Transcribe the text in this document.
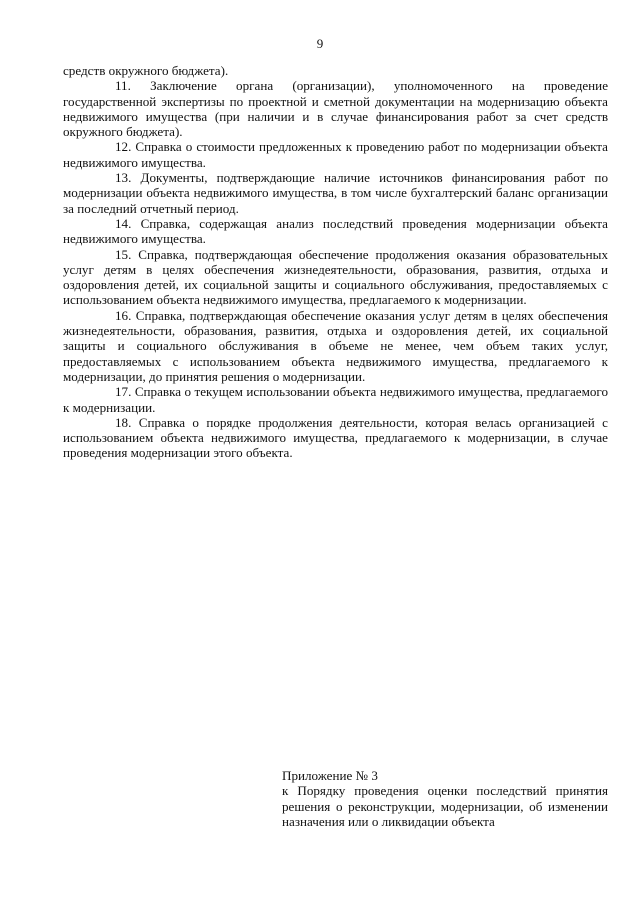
9

средств окружного бюджета).

11. Заключение органа (организации), уполномоченного на проведение государственной экспертизы по проектной и сметной документации на модернизацию объекта недвижимого имущества (при наличии и в случае финансирования работ за счет средств окружного бюджета).

12. Справка о стоимости предложенных к проведению работ по модернизации объекта недвижимого имущества.

13. Документы, подтверждающие наличие источников финансирования работ по модернизации объекта недвижимого имущества, в том числе бухгалтерский баланс организации за последний отчетный период.

14. Справка, содержащая анализ последствий проведения модернизации объекта недвижимого имущества.

15. Справка, подтверждающая обеспечение продолжения оказания образовательных услуг детям в целях обеспечения жизнедеятельности, образования, развития, отдыха и оздоровления детей, их социальной защиты и социального обслуживания, предоставляемых с использованием объекта недвижимого имущества, предлагаемого к модернизации.

16. Справка, подтверждающая обеспечение оказания услуг детям в целях обеспечения жизнедеятельности, образования, развития, отдыха и оздоровления детей, их социальной защиты и социального обслуживания в объеме не менее, чем объем таких услуг, предоставляемых с использованием объекта недвижимого имущества, предлагаемого к модернизации, до принятия решения о модернизации.

17. Справка о текущем использовании объекта недвижимого имущества, предлагаемого к модернизации.

18. Справка о порядке продолжения деятельности, которая велась организацией с использованием объекта недвижимого имущества, предлагаемого к модернизации, в случае проведения модернизации этого объекта.

Приложение № 3

к Порядку проведения оценки последствий принятия решения о реконструкции, модернизации, об изменении назначения или о ликвидации объекта
